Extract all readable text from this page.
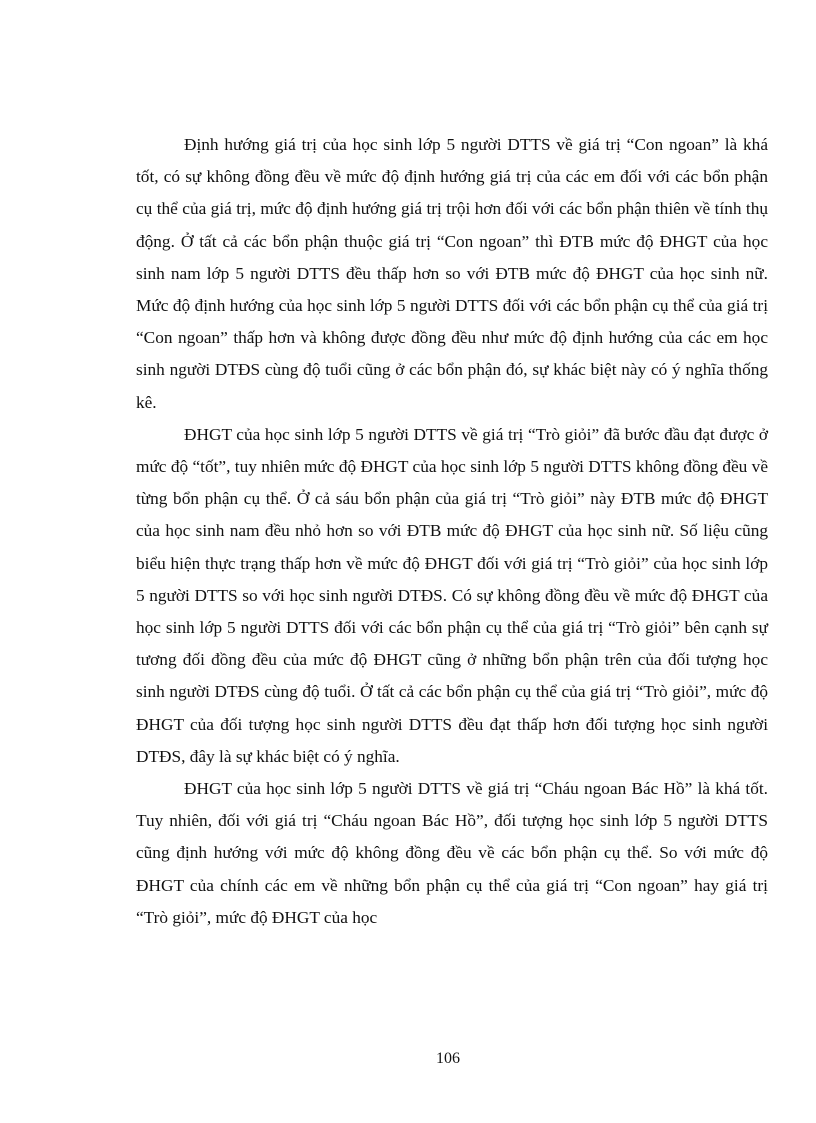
Định hướng giá trị của học sinh lớp 5 người DTTS về giá trị “Con ngoan” là khá tốt, có sự không đồng đều về mức độ định hướng giá trị của các em đối với các bổn phận cụ thể của giá trị, mức độ định hướng giá trị trội hơn đối với các bổn phận thiên về tính thụ động. Ở tất cả các bổn phận thuộc giá trị “Con ngoan” thì ĐTB mức độ ĐHGT của học sinh nam lớp 5 người DTTS đều thấp hơn so với ĐTB mức độ ĐHGT của học sinh nữ. Mức độ định hướng của học sinh lớp 5 người DTTS đối với các bổn phận cụ thể của giá trị “Con ngoan” thấp hơn và không được đồng đều như mức độ định hướng của các em học sinh người DTĐS cùng độ tuổi cũng ở các bổn phận đó, sự khác biệt này có ý nghĩa thống kê.

ĐHGT của học sinh lớp 5 người DTTS về giá trị “Trò giỏi” đã bước đầu đạt được ở mức độ “tốt”, tuy nhiên mức độ ĐHGT của học sinh lớp 5 người DTTS không đồng đều về từng bổn phận cụ thể. Ở cả sáu bổn phận của giá trị “Trò giỏi” này ĐTB mức độ ĐHGT của học sinh nam đều nhỏ hơn so với ĐTB mức độ ĐHGT của học sinh nữ. Số liệu cũng biểu hiện thực trạng thấp hơn về mức độ ĐHGT đối với giá trị “Trò giỏi” của học sinh lớp 5 người DTTS so với học sinh người DTĐS. Có sự không đồng đều về mức độ ĐHGT của học sinh lớp 5 người DTTS đối với các bổn phận cụ thể của giá trị “Trò giỏi” bên cạnh sự tương đối đồng đều của mức độ ĐHGT cũng ở những bổn phận trên của đối tượng học sinh người DTĐS cùng độ tuổi. Ở tất cả các bổn phận cụ thể của giá trị “Trò giỏi”, mức độ ĐHGT của đối tượng học sinh người DTTS đều đạt thấp hơn đối tượng học sinh người DTĐS, đây là sự khác biệt có ý nghĩa.

ĐHGT của học sinh lớp 5 người DTTS về giá trị “Cháu ngoan Bác Hồ” là khá tốt. Tuy nhiên, đối với giá trị “Cháu ngoan Bác Hồ”, đối tượng học sinh lớp 5 người DTTS cũng định hướng với mức độ không đồng đều về các bổn phận cụ thể. So với mức độ ĐHGT của chính các em về những bổn phận cụ thể của giá trị “Con ngoan” hay giá trị “Trò giỏi”, mức độ ĐHGT của học

106
